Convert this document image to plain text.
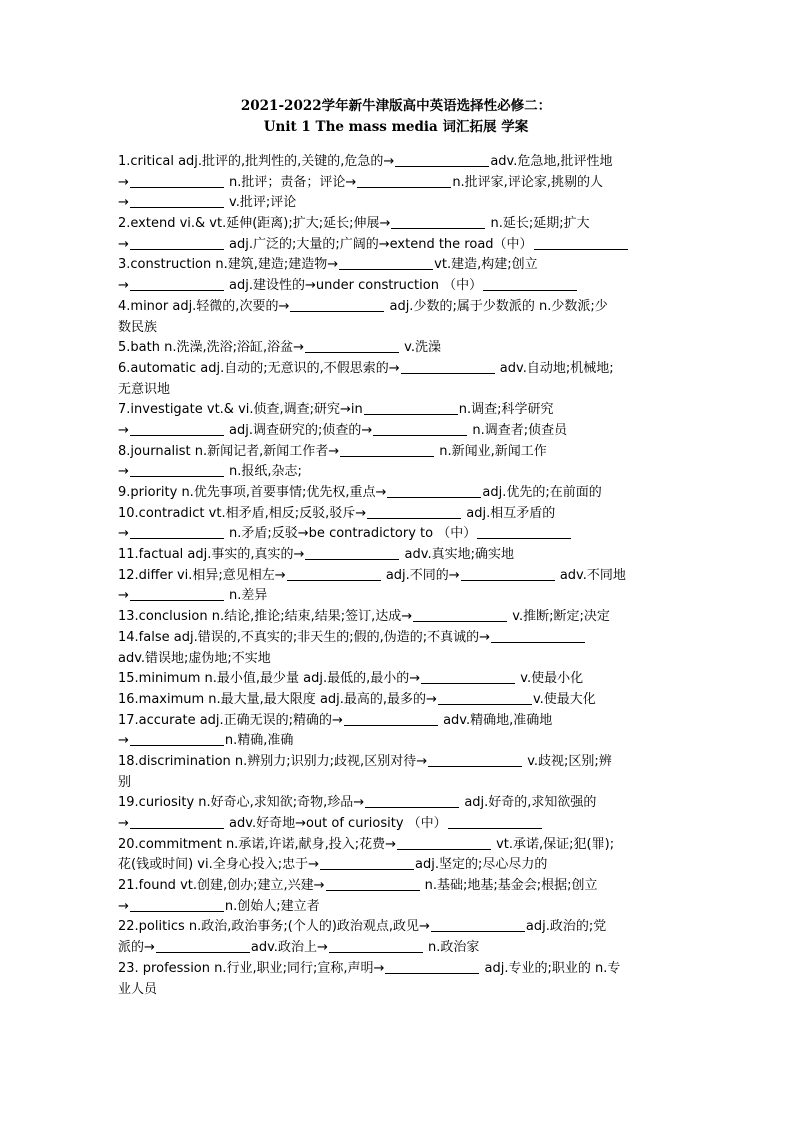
2021-2022学年新牛津版高中英语选择性必修二：
Unit 1 The mass media 词汇拓展 学案
1.critical adj.批评的,批判性的,关键的,危急的→	adv.危急地,批评性地
→	n.批评；责备；评论→	n.批评家,评论家,挑剔的人
→	v.批评;评论
2.extend vi.& vt.延伸(距离);扩大;延长;伸展→	n.延长;延期;扩大
→	adj.广泛的;大量的;广阔的→extend the road（中）
3.construction n.建筑,建造;建造物→	vt.建造,构建;创立
→	adj.建设性的→under construction （中）
4.minor adj.轻微的,次要的→	adj.少数的;属于少数派的 n.少数派;少
数民族
5.bath n.洗澡,洗浴;浴缸,浴盆→	v.洗澡
6.automatic adj.自动的;无意识的,不假思索的→	adv.自动地;机械地;
无意识地
7.investigate vt.& vi.侦查,调查;研究→in	n.调查;科学研究
→	adj.调查研究的;侦查的→	n.调查者;侦查员
8.journalist n.新闻记者,新闻工作者→	n.新闻业,新闻工作
→	n.报纸,杂志;
9.priority n.优先事项,首要事情;优先权,重点→	adj.优先的;在前面的
10.contradict vt.相矛盾,相反;反驳,驳斥→	adj.相互矛盾的
→	n.矛盾;反驳→be contradictory to （中）
11.factual adj.事实的,真实的→	adv.真实地;确实地
12.differ vi.相异;意见相左→	adj.不同的→	adv.不同地
→	n.差异
13.conclusion n.结论,推论;结束,结果;签订,达成→	v.推断;断定;决定
14.false adj.错误的,不真实的;非天生的;假的,伪造的;不真诚的→
adv.错误地;虚伪地;不实地
15.minimum n.最小值,最少量 adj.最低的,最小的→	v.使最小化
16.maximum n.最大量,最大限度 adj.最高的,最多的→	v.使最大化
17.accurate adj.正确无误的;精确的→	adv.精确地,准确地
→	n.精确,准确
18.discrimination n.辨别力;识别力;歧视,区别对待→	v.歧视;区别;辨
别
19.curiosity n.好奇心,求知欲;奇物,珍品→	adj.好奇的,求知欲强的
→	adv.好奇地→out of curiosity （中）
20.commitment n.承诺,许诺,献身,投入;花费→	vt.承诺,保证;犯(罪);
花(钱或时间) vi.全身心投入;忠于→	adj.坚定的;尽心尽力的
21.found vt.创建,创办;建立,兴建→	n.基础;地基;基金会;根据;创立
→	n.创始人;建立者
22.politics n.政治,政治事务;(个人的)政治观点,政见→	adj.政治的;党
派的→	adv.政治上→	n.政治家
23. profession n.行业,职业;同行;宣称,声明→	adj.专业的;职业的 n.专
业人员
